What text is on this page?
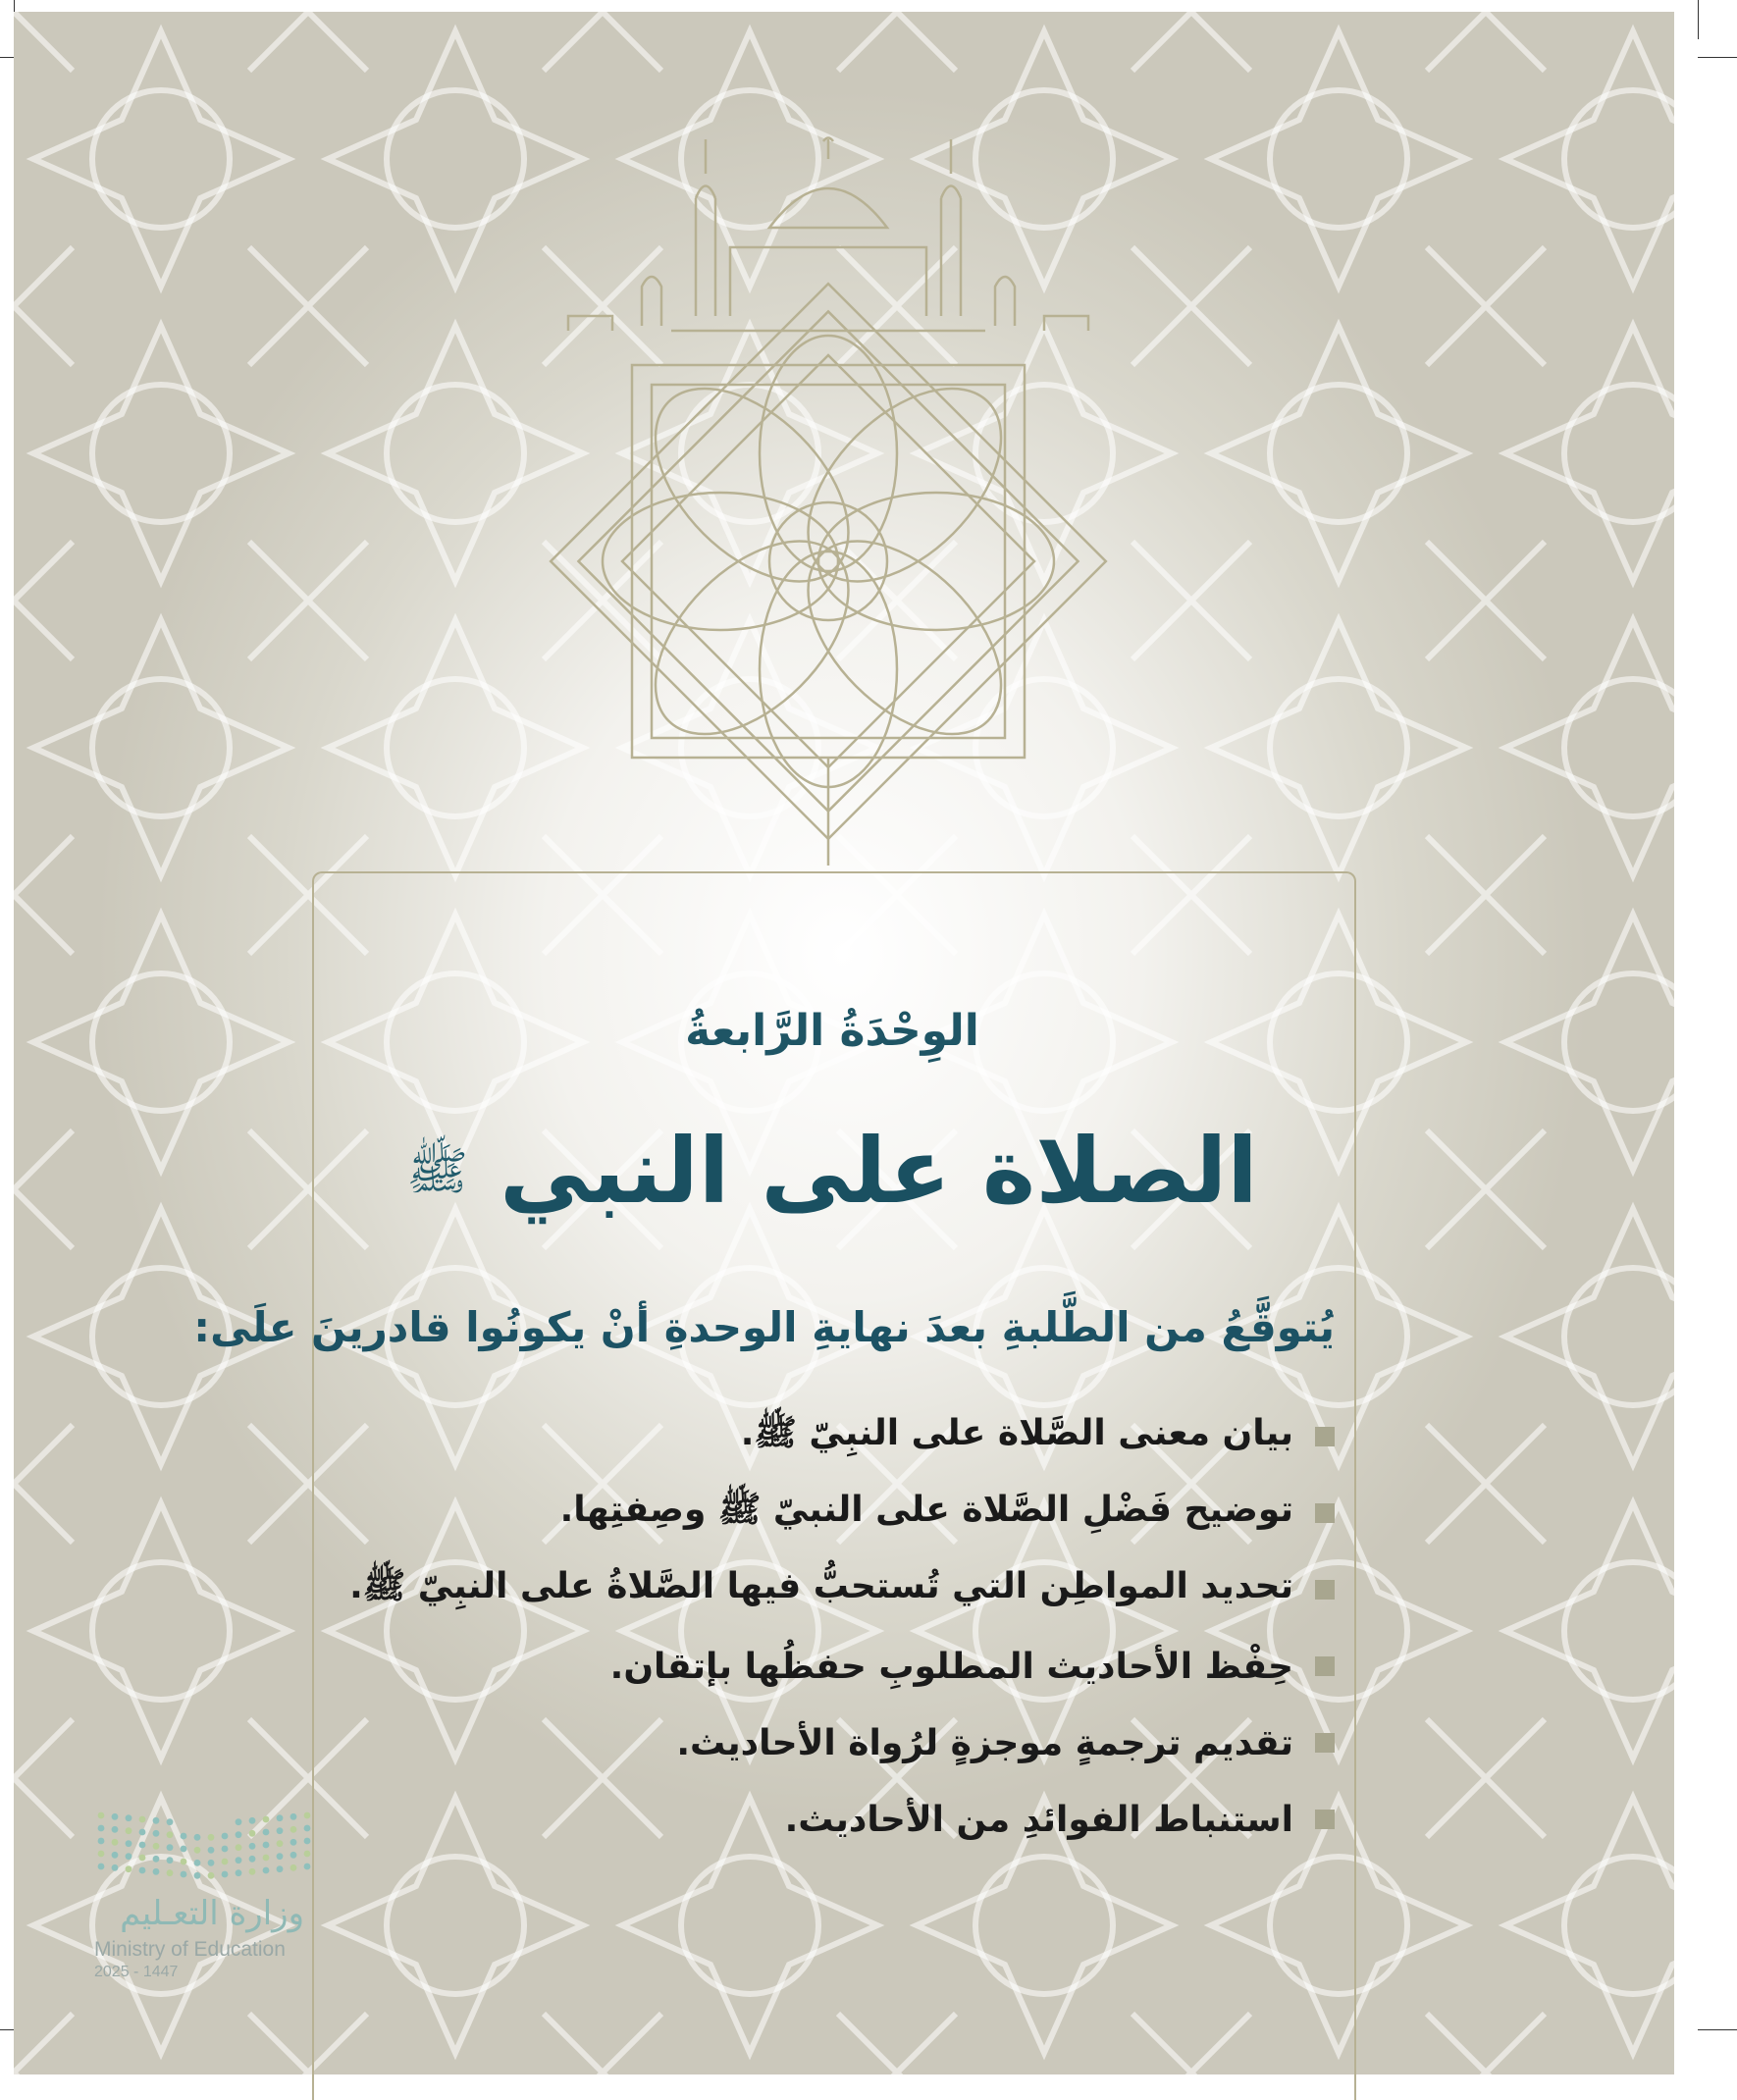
الوِحْدَةُ الرَّابعةُ
الصلاة على النبي ﷺ
يُتوقَّعُ من الطَّلبةِ بعدَ نهايةِ الوحدةِ أنْ يكونُوا قادرينَ علَى:
بيان معنى الصَّلاة على النبِيّ ﷺ.
توضيح فَضْلِ الصَّلاة على النبيّ ﷺ وصِفتِها.
تحديد المواطِن التي تُستحبُّ فيها الصَّلاةُ على النبِيّ ﷺ.
حِفْظ الأحاديث المطلوبِ حفظُها بإتقان.
تقديم ترجمةٍ موجزةٍ لرُواة الأحاديث.
استنباط الفوائدِ من الأحاديث.
وزارة التعـليم
Ministry of Education
2025 - 1447
